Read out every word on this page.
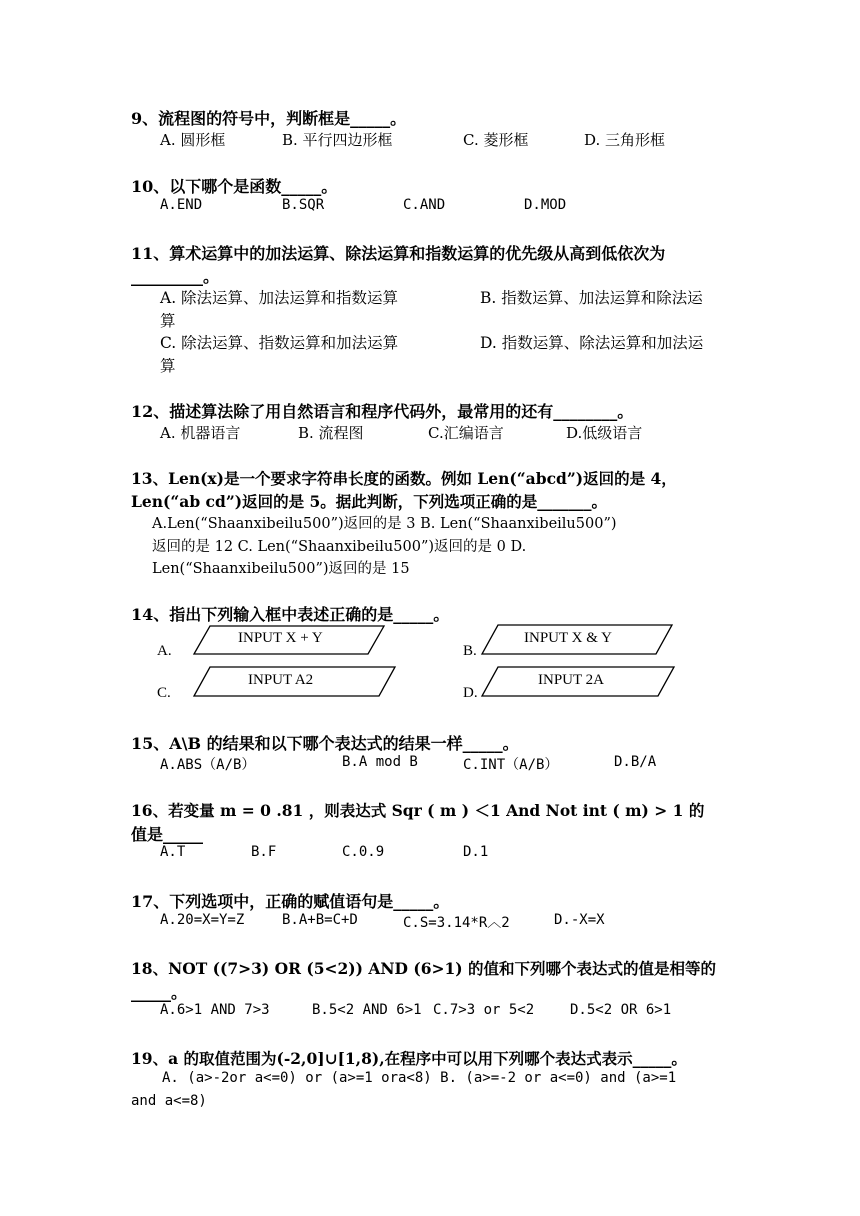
9、流程图的符号中，判断框是_____。
A. 圆形框	B. 平行四边形框	C. 菱形框	D. 三角形框
10、以下哪个是函数_____。
A.END	B.SQR	C.AND	D.MOD
11、算术运算中的加法运算、除法运算和指数运算的优先级从高到低依次为
_________。
A. 除法运算、加法运算和指数运算	B. 指数运算、加法运算和除法运
算
C. 除法运算、指数运算和加法运算	D. 指数运算、除法运算和加法运
算
12、描述算法除了用自然语言和程序代码外，最常用的还有________。
A. 机器语言	B. 流程图	C.汇编语言	D.低级语言
13、Len(x)是一个要求字符串长度的函数。例如 Len(“abcd”)返回的是 4，
Len(“ab cd”)返回的是 5。据此判断，下列选项正确的是_______。
A.Len(“Shaanxibeilu500”)返回的是 3 B. Len(“Shaanxibeilu500”)
返回的是 12 C. Len(“Shaanxibeilu500”)返回的是 0 D.
Len(“Shaanxibeilu500”)返回的是 15
14、指出下列输入框中表述正确的是_____。
A.	B.
C.	D.
INPUT X + Y	INPUT X & Y
INPUT A2	INPUT 2A
15、A\B 的结果和以下哪个表达式的结果一样_____。
A.ABS（A/B）	B.A mod B	C.INT（A/B）	D.B/A
16、若变量 m = 0 .81 ，则表达式 Sqr ( m ) ＜1 And Not int ( m) > 1 的
值是_____
A.T	B.F	C.0.9	D.1
17、下列选项中，正确的赋值语句是_____。
A.20=X=Y=Z	B.A+B=C+D	C.S=3.14*R︿2	D.-X=X
18、NOT ((7>3) OR (5<2)) AND (6>1) 的值和下列哪个表达式的值是相等的
_____。
A.6>1 AND 7>3	B.5<2 AND 6>1 C.7>3 or 5<2	D.5<2 OR 6>1
19、a 的取值范围为(-2,0]∪[1,8),在程序中可以用下列哪个表达式表示_____。
A. (a>-2or a<=0) or (a>=1 ora<8) B. (a>=-2 or a<=0) and (a>=1
and a<=8)
